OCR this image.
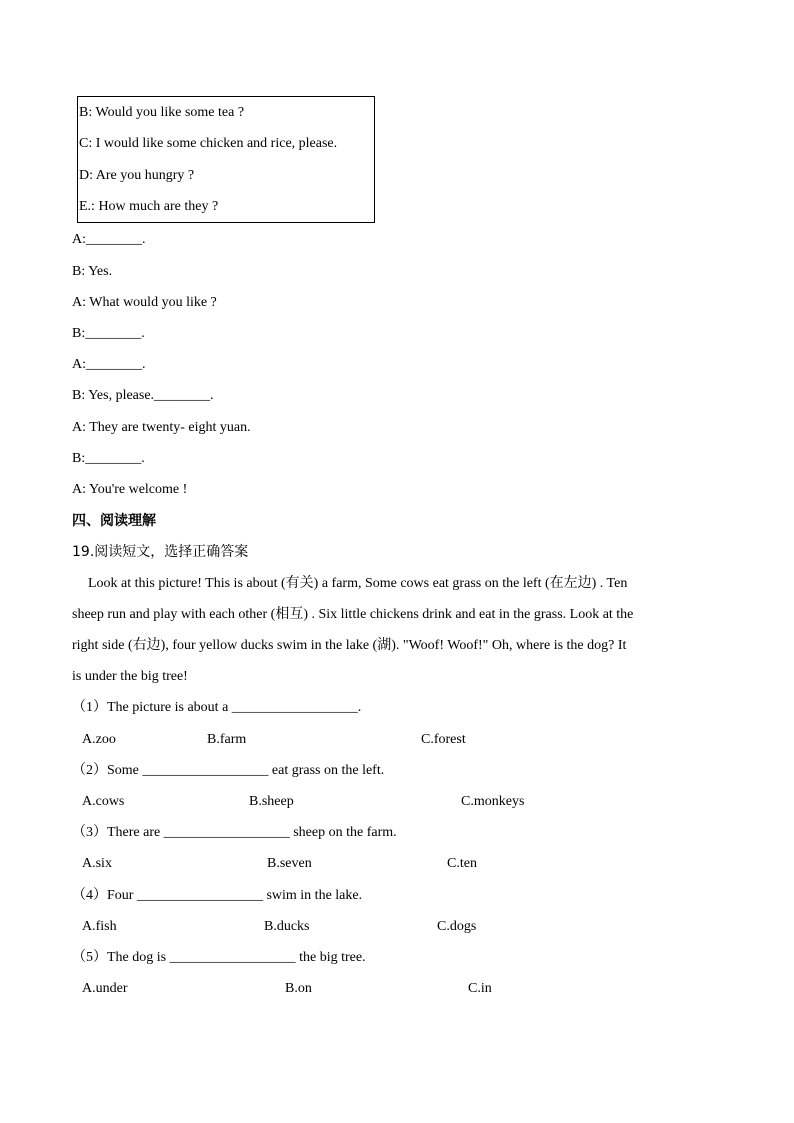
B: Would you like some tea ?
C: I would like some chicken and rice, please.
D: Are you hungry ?
E.: How much are they ?
A:________.
B: Yes.
A: What would you like ?
B:________.
A:________.
B: Yes, please.________.
A: They are twenty- eight yuan.
B:________.
A: You're welcome !
四、阅读理解
19.阅读短文，选择正确答案
Look at this picture! This is about (有关) a farm, Some cows eat grass on the left (在左边) . Ten
sheep run and play with each other (相互) . Six little chickens drink and eat in the grass. Look at the
right side (右边), four yellow ducks swim in the lake (湖). "Woof! Woof!" Oh, where is the dog? It
is under the big tree!
（1）The picture is about a __________________.
A.zoo	B.farm	C.forest
（2）Some __________________ eat grass on the left.
A.cows	B.sheep	C.monkeys
（3）There are __________________ sheep on the farm.
A.six	B.seven	C.ten
（4）Four __________________ swim in the lake.
A.fish	B.ducks	C.dogs
（5）The dog is __________________ the big tree.
A.under	B.on	C.in
